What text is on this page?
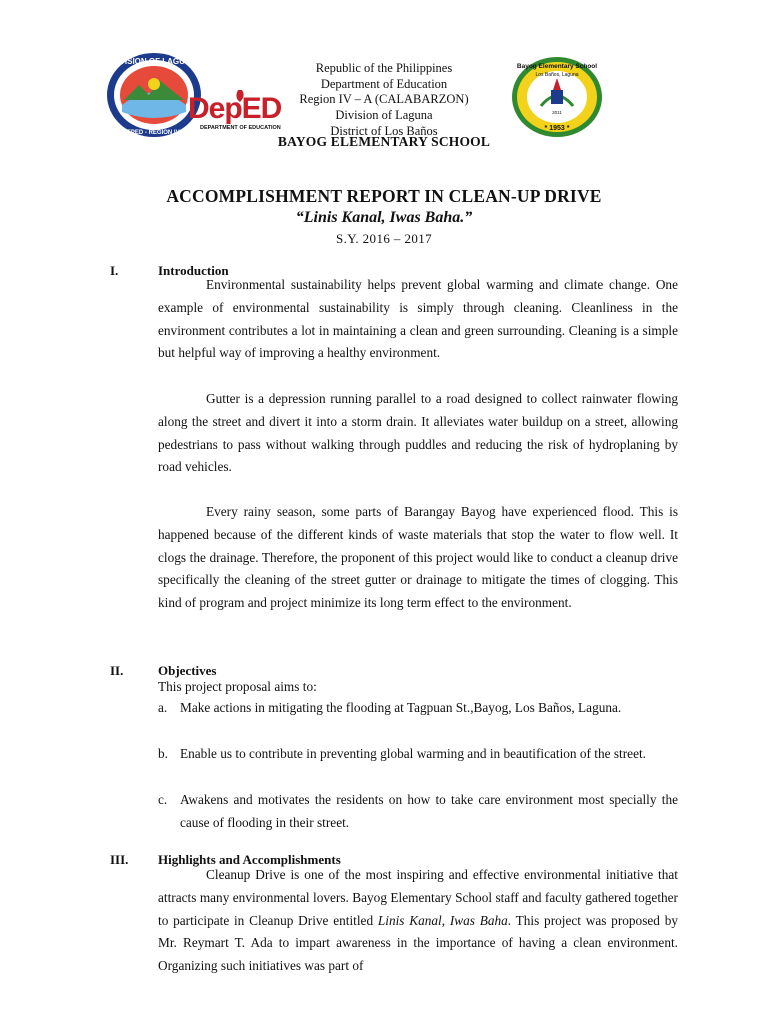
DIVISION OF LAGUNA
DEPED - REGION IV A
DepED
DEPARTMENT OF EDUCATION
Bayog Elementary School
Los Baños, Laguna
2011
* 1953 *
Republic of the Philippines
Department of Education
Region IV – A (CALABARZON)
Division of Laguna
District of Los Baños
BAYOG ELEMENTARY SCHOOL
ACCOMPLISHMENT REPORT IN CLEAN-UP DRIVE
“Linis Kanal, Iwas Baha.”
S.Y. 2016 – 2017
I.	Introduction

Environmental sustainability helps prevent global warming and climate change. One example of environmental sustainability is simply through cleaning. Cleanliness in the environment contributes a lot in maintaining a clean and green surrounding. Cleaning is a simple but helpful way of improving a healthy environment.

Gutter is a depression running parallel to a road designed to collect rainwater flowing along the street and divert it into a storm drain. It alleviates water buildup on a street, allowing pedestrians to pass without walking through puddles and reducing the risk of hydroplaning by road vehicles.

Every rainy season, some parts of Barangay Bayog have experienced flood. This is happened because of the different kinds of waste materials that stop the water to flow well. It clogs the drainage. Therefore, the proponent of this project would like to conduct a cleanup drive specifically the cleaning of the street gutter or drainage to mitigate the times of clogging. This kind of program and project minimize its long term effect to the environment.

II.	Objectives
This project proposal aims to:
a. Make actions in mitigating the flooding at Tagpuan St.,Bayog, Los Baños, Laguna.
b. Enable us to contribute in preventing global warming and in beautification of the street.
c. Awakens and motivates the residents on how to take care environment most specially the cause of flooding in their street.
III. Highlights and Accomplishments

Cleanup Drive is one of the most inspiring and effective environmental initiative that attracts many environmental lovers. Bayog Elementary School staff and faculty gathered together to participate in Cleanup Drive entitled Linis Kanal, Iwas Baha. This project was proposed by Mr. Reymart T. Ada to impart awareness in the importance of having a clean environment. Organizing such initiatives was part of
